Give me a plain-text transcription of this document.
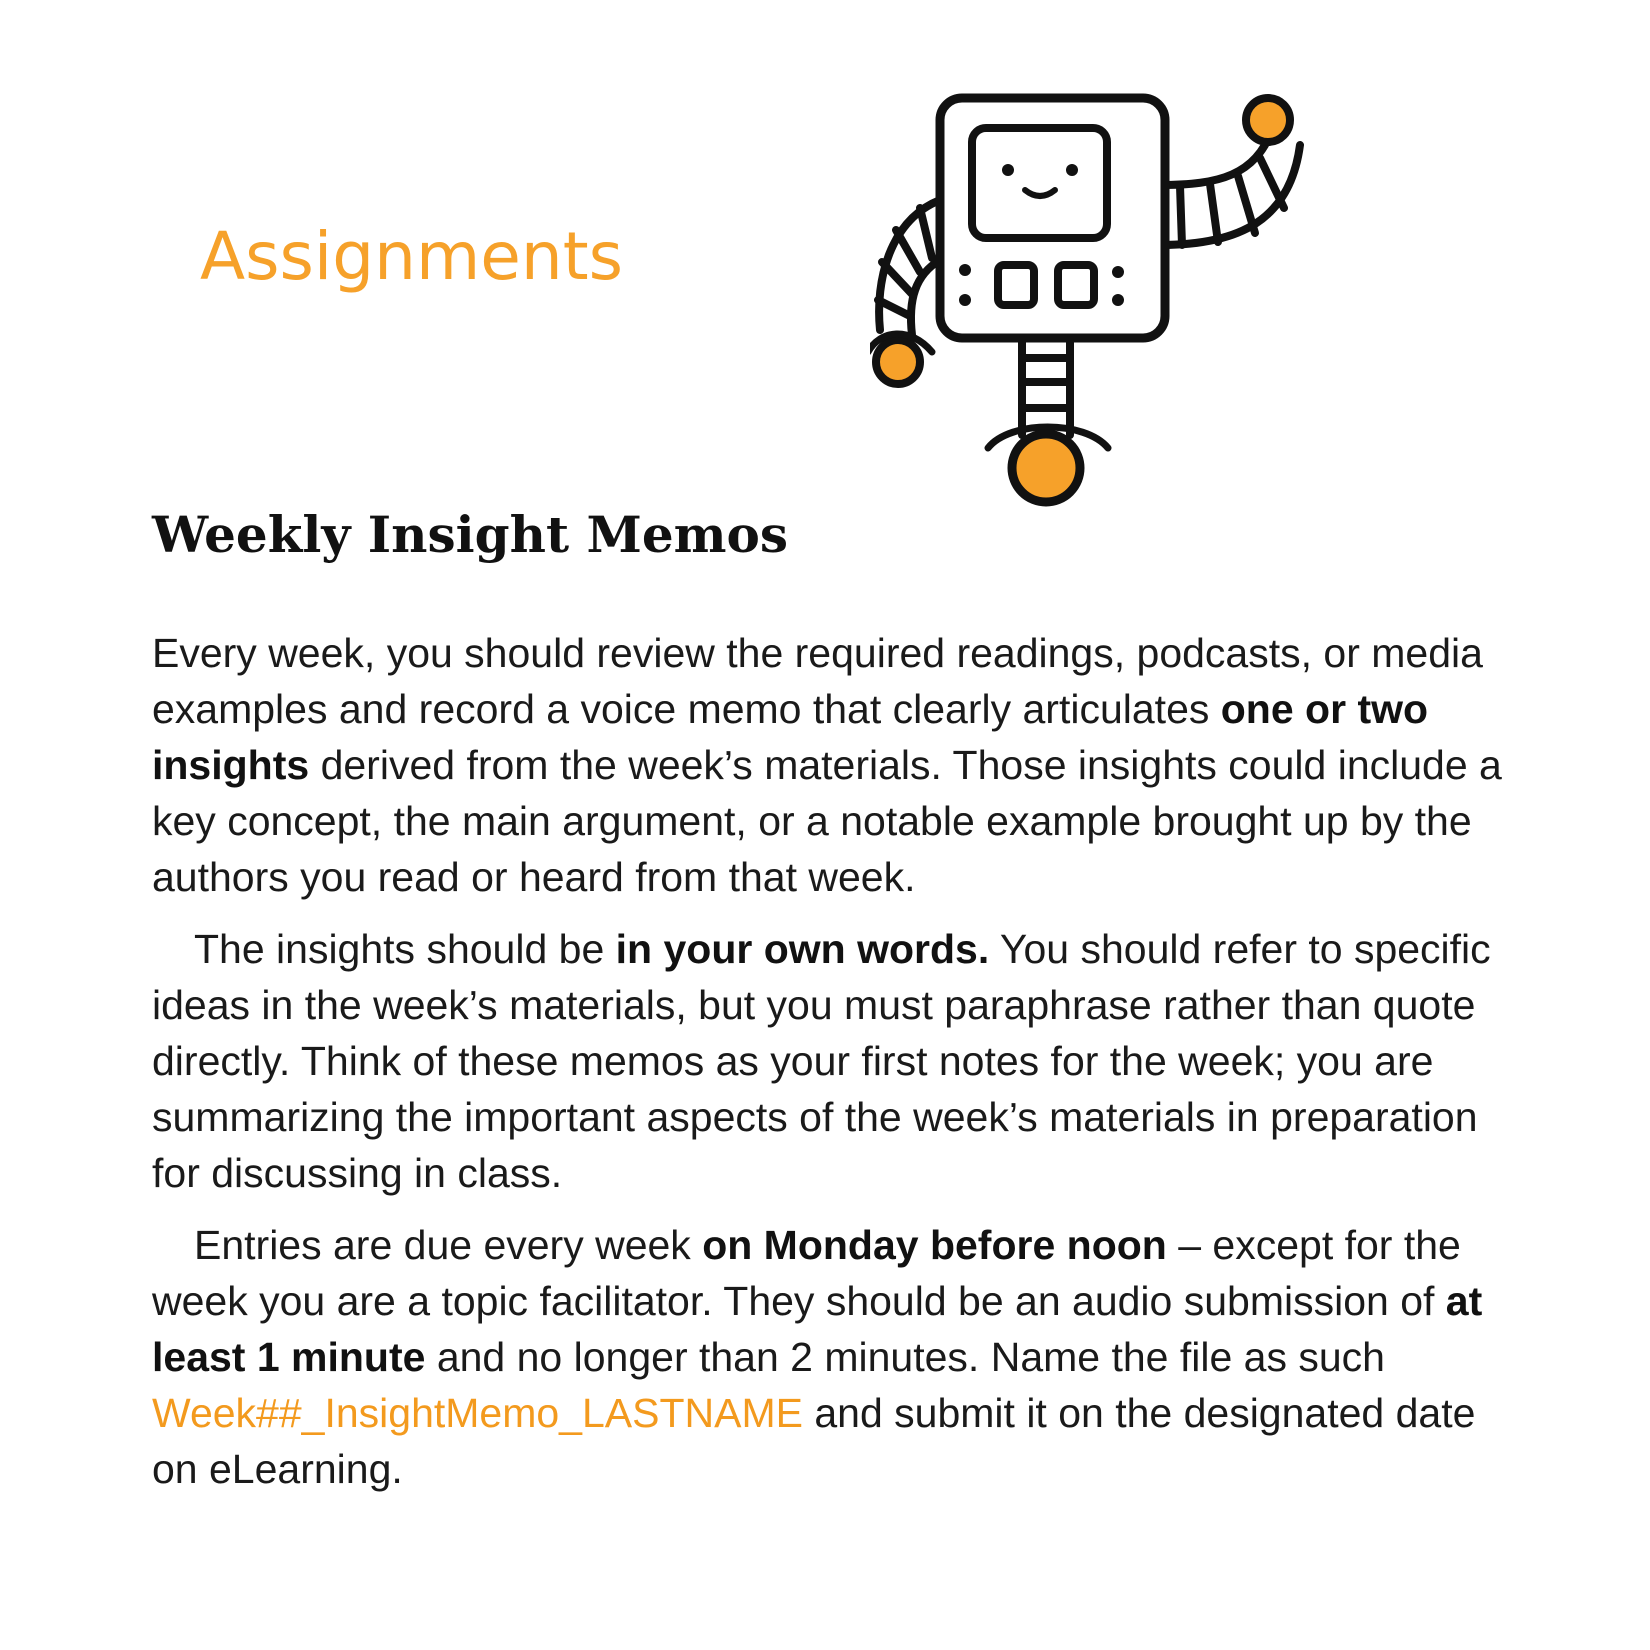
Assignments
Weekly Insight Memos

Every week, you should review the required readings, podcasts, or media examples and record a voice memo that clearly articulates one or two insights derived from the week’s materials. Those insights could include a key concept, the main argument, or a notable example brought up by the authors you read or heard from that week.

The insights should be in your own words. You should refer to specific ideas in the week’s materials, but you must paraphrase rather than quote directly. Think of these memos as your first notes for the week; you are summarizing the important aspects of the week’s materials in preparation for discussing in class.

Entries are due every week on Monday before noon – except for the week you are a topic facilitator. They should be an audio submission of at least 1 minute and no longer than 2 minutes. Name the file as such Week##_InsightMemo_LASTNAME and submit it on the designated date on eLearning.
